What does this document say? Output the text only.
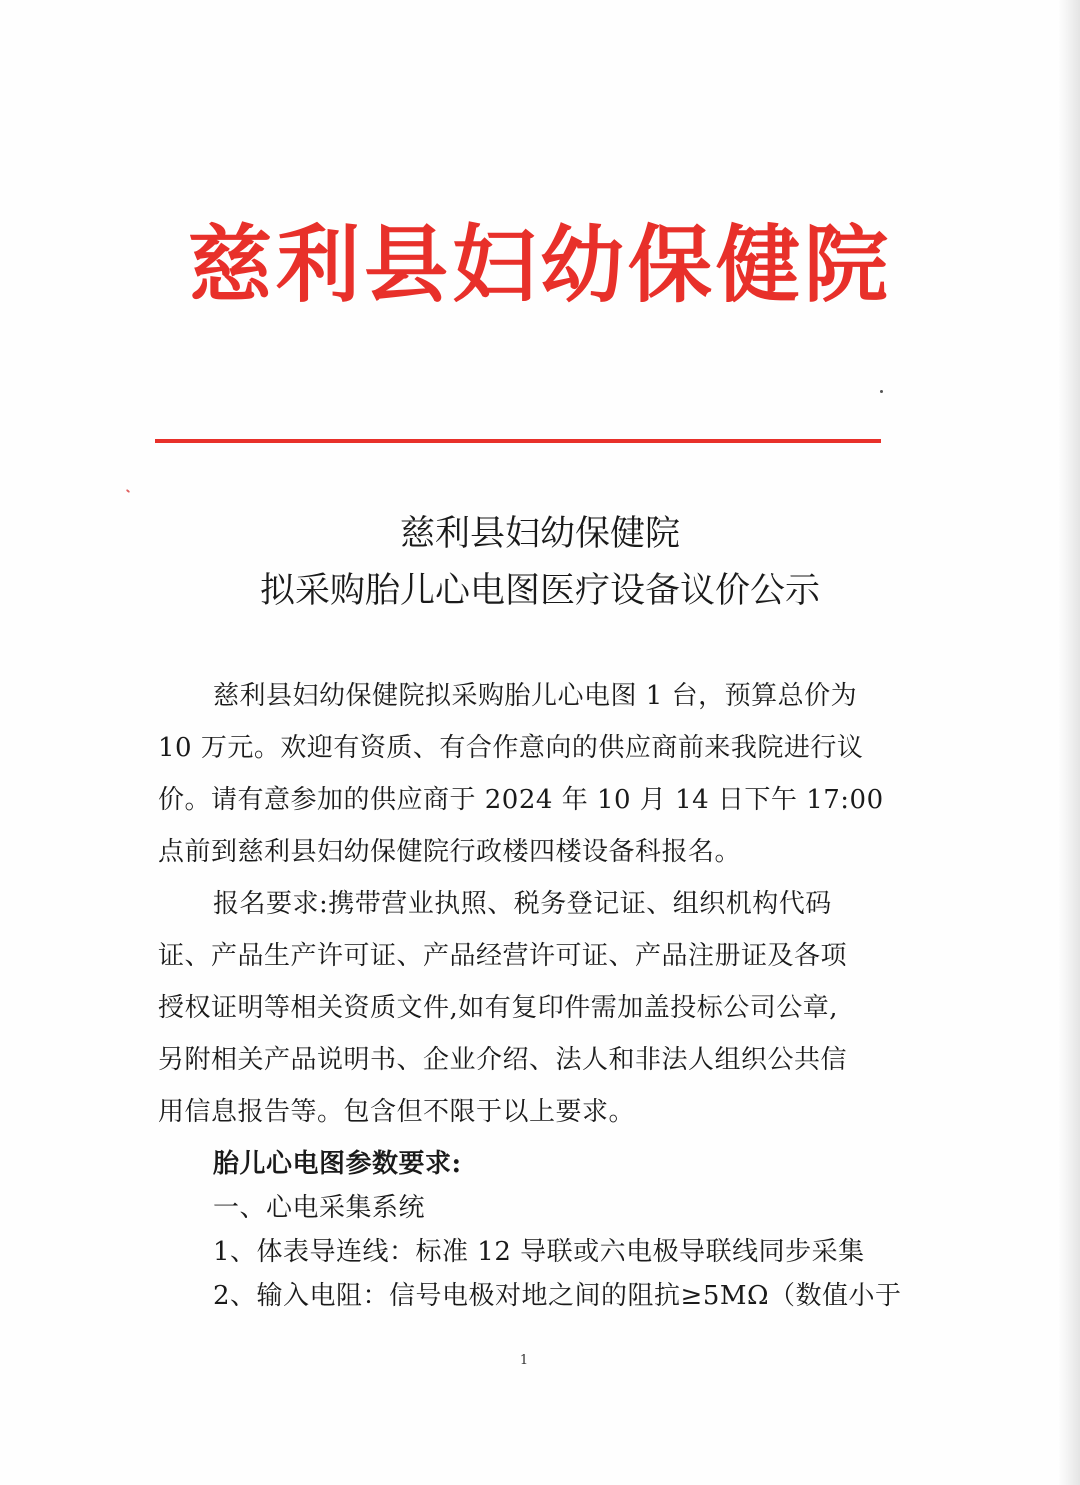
慈利县妇幼保健院
慈利县妇幼保健院
拟采购胎儿心电图医疗设备议价公示
慈利县妇幼保健院拟采购胎儿心电图 1 台，预算总价为
10 万元。欢迎有资质、有合作意向的供应商前来我院进行议
价。请有意参加的供应商于 2024 年 10 月 14 日下午 17:00
点前到慈利县妇幼保健院行政楼四楼设备科报名。
报名要求:携带营业执照、税务登记证、组织机构代码
证、产品生产许可证、产品经营许可证、产品注册证及各项
授权证明等相关资质文件,如有复印件需加盖投标公司公章,
另附相关产品说明书、企业介绍、法人和非法人组织公共信
用信息报告等。包含但不限于以上要求。
胎儿心电图参数要求:
一、心电采集系统
1、体表导连线：标准 12 导联或六电极导联线同步采集
2、输入电阻：信号电极对地之间的阻抗≥5MΩ（数值小于
1
